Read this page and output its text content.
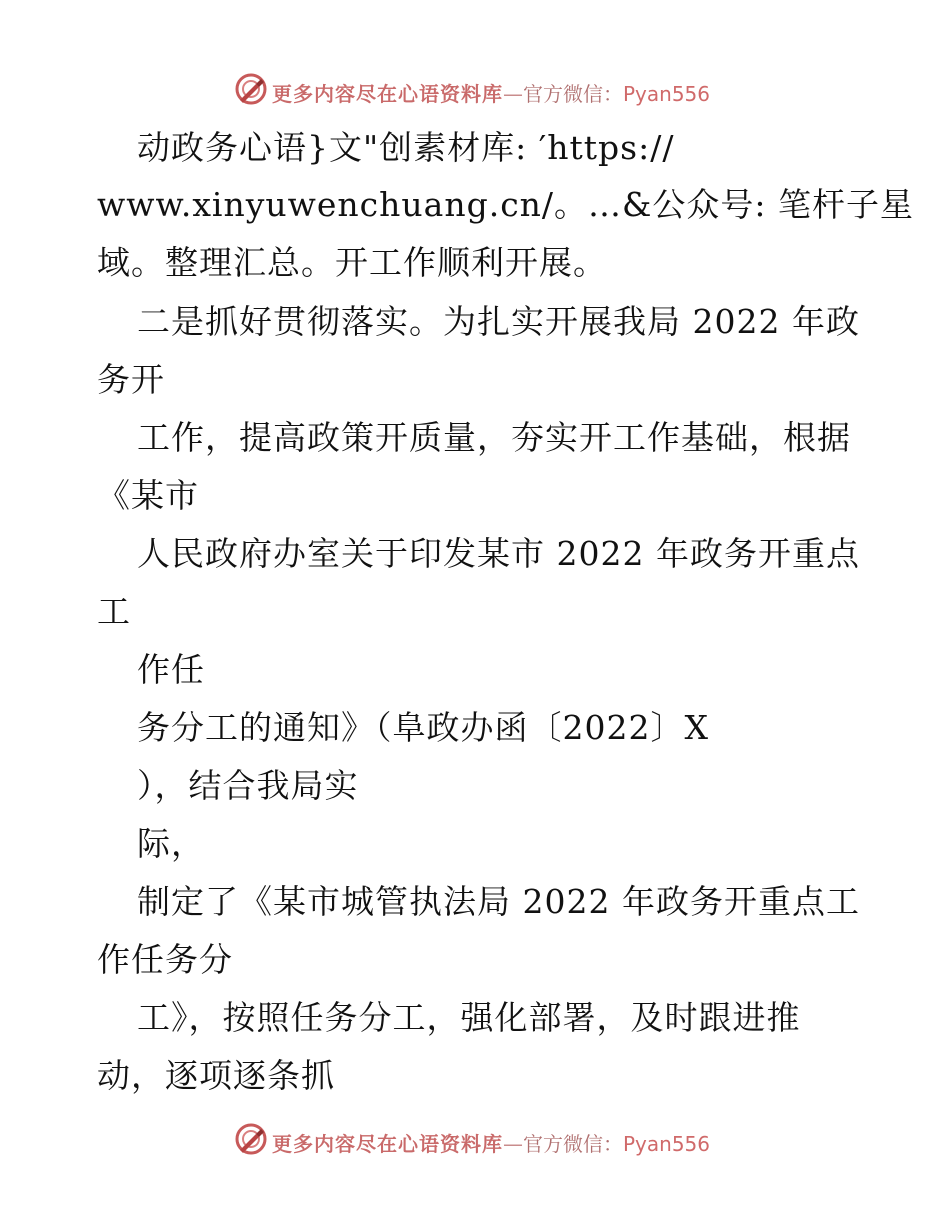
更多内容尽在心语资料库—官方微信：Pyan556
动政务心语}文"创素材库: ′https://
www.xinyuwenchuang.cn/。…&公众号: 笔杆子星
域。整理汇总。开工作顺利开展。
二是抓好贯彻落实。为扎实开展我局 2022 年政
务开
工作，提高政策开质量，夯实开工作基础，根据
《某市
人民政府办室关于印发某市 2022 年政务开重点
工
作任
务分工的通知》（阜政办函〔2022〕X
），结合我局实
际，
制定了《某市城管执法局 2022 年政务开重点工
作任务分
工》，按照任务分工，强化部署，及时跟进推
动，逐项逐条抓
更多内容尽在心语资料库—官方微信：Pyan556
